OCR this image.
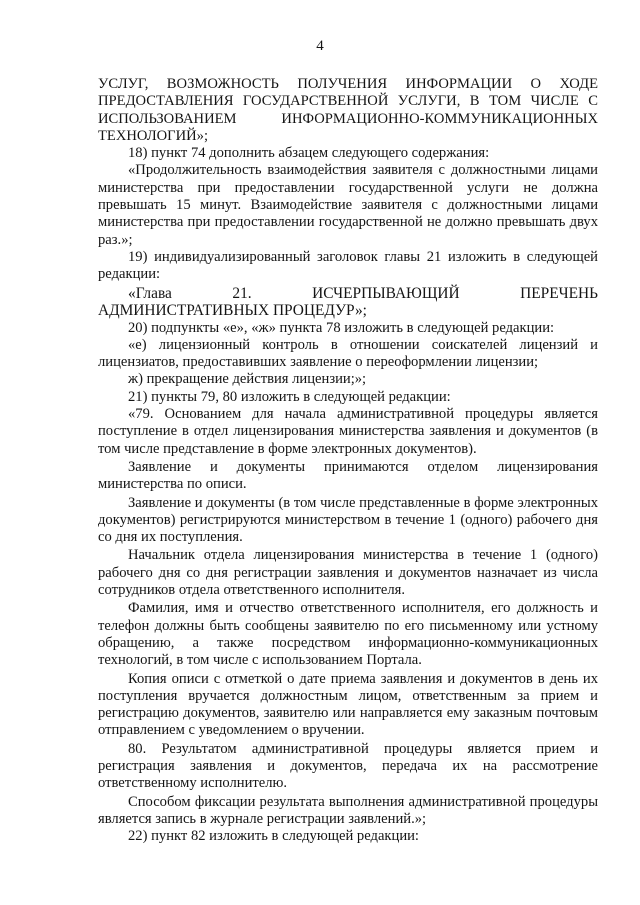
4

УСЛУГ, ВОЗМОЖНОСТЬ ПОЛУЧЕНИЯ ИНФОРМАЦИИ О ХОДЕ ПРЕДОСТАВЛЕНИЯ ГОСУДАРСТВЕННОЙ УСЛУГИ, В ТОМ ЧИСЛЕ С ИСПОЛЬЗОВАНИЕМ ИНФОРМАЦИОННО-КОММУНИКАЦИОННЫХ ТЕХНОЛОГИЙ»;

18) пункт 74 дополнить абзацем следующего содержания:

«Продолжительность взаимодействия заявителя с должностными лицами министерства при предоставлении государственной услуги не должна превышать 15 минут. Взаимодействие заявителя с должностными лицами министерства при предоставлении государственной не должно превышать двух раз.»;

19) индивидуализированный заголовок главы 21 изложить в следующей редакции:

«Глава 21. ИСЧЕРПЫВАЮЩИЙ ПЕРЕЧЕНЬ АДМИНИСТРАТИВНЫХ ПРОЦЕДУР»;

20) подпункты «е», «ж» пункта 78 изложить в следующей редакции:

«е) лицензионный контроль в отношении соискателей лицензий и лицензиатов, предоставивших заявление о переоформлении лицензии;

ж) прекращение действия лицензии;»;

21) пункты 79, 80 изложить в следующей редакции:

«79. Основанием для начала административной процедуры является поступление в отдел лицензирования министерства заявления и документов (в том числе представление в форме электронных документов).

Заявление и документы принимаются отделом лицензирования министерства по описи.

Заявление и документы (в том числе представленные в форме электронных документов) регистрируются министерством в течение 1 (одного) рабочего дня со дня их поступления.

Начальник отдела лицензирования министерства в течение 1 (одного) рабочего дня со дня регистрации заявления и документов назначает из числа сотрудников отдела ответственного исполнителя.

Фамилия, имя и отчество ответственного исполнителя, его должность и телефон должны быть сообщены заявителю по его письменному или устному обращению, а также посредством информационно-коммуникационных технологий, в том числе с использованием Портала.

Копия описи с отметкой о дате приема заявления и документов в день их поступления вручается должностным лицом, ответственным за прием и регистрацию документов, заявителю или направляется ему заказным почтовым отправлением с уведомлением о вручении.

80. Результатом административной процедуры является прием и регистрация заявления и документов, передача их на рассмотрение ответственному исполнителю.

Способом фиксации результата выполнения административной процедуры является запись в журнале регистрации заявлений.»;

22) пункт 82 изложить в следующей редакции:
